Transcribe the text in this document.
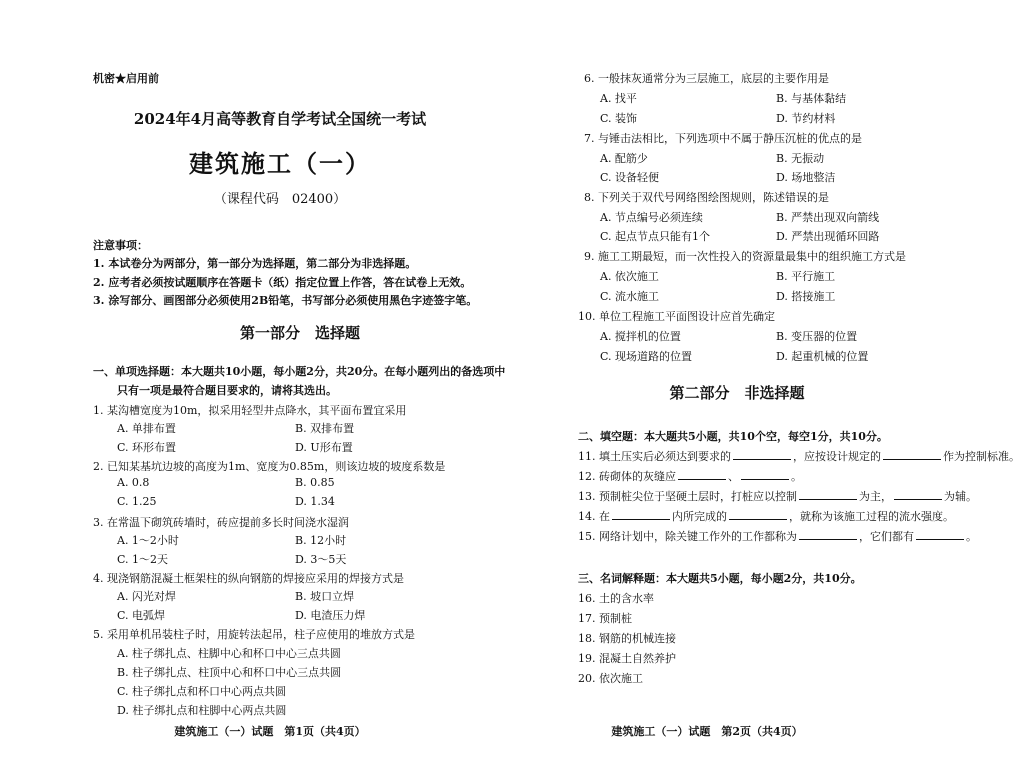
机密★启用前
2024年4月高等教育自学考试全国统一考试
建筑施工（一）
（课程代码　02400）
注意事项：
1. 本试卷分为两部分，第一部分为选择题，第二部分为非选择题。
2. 应考者必须按试题顺序在答题卡（纸）指定位置上作答，答在试卷上无效。
3. 涂写部分、画图部分必须使用2B铅笔，书写部分必须使用黑色字迹签字笔。
第一部分　选择题
一、单项选择题：本大题共10小题，每小题2分，共20分。在每小题列出的备选项中
只有一项是最符合题目要求的，请将其选出。
1. 某沟槽宽度为10m，拟采用轻型井点降水，其平面布置宜采用
A. 单排布置	B. 双排布置
C. 环形布置	D. U形布置
2. 已知某基坑边坡的高度为1m、宽度为0.85m，则该边坡的坡度系数是
A. 0.8	B. 0.85
C. 1.25	D. 1.34
3. 在常温下砌筑砖墙时，砖应提前多长时间浇水湿润
A. 1～2小时	B. 12小时
C. 1～2天	D. 3～5天
4. 现浇钢筋混凝土框架柱的纵向钢筋的焊接应采用的焊接方式是
A. 闪光对焊	B. 坡口立焊
C. 电弧焊	D. 电渣压力焊
5. 采用单机吊装柱子时，用旋转法起吊，柱子应使用的堆放方式是
A. 柱子绑扎点、柱脚中心和杯口中心三点共圆
B. 柱子绑扎点、柱顶中心和杯口中心三点共圆
C. 柱子绑扎点和杯口中心两点共圆
D. 柱子绑扎点和柱脚中心两点共圆
建筑施工（一）试题　第1页（共4页）
6. 一般抹灰通常分为三层施工，底层的主要作用是
A. 找平	B. 与基体黏结
C. 装饰	D. 节约材料
7. 与锤击法相比，下列选项中不属于静压沉桩的优点的是
A. 配筋少	B. 无振动
C. 设备轻便	D. 场地整洁
8. 下列关于双代号网络图绘图规则，陈述错误的是
A. 节点编号必须连续	B. 严禁出现双向箭线
C. 起点节点只能有1个	D. 严禁出现循环回路
9. 施工工期最短，而一次性投入的资源量最集中的组织施工方式是
A. 依次施工	B. 平行施工
C. 流水施工	D. 搭接施工
10. 单位工程施工平面图设计应首先确定
A. 搅拌机的位置	B. 变压器的位置
C. 现场道路的位置	D. 起重机械的位置
第二部分　非选择题
二、填空题：本大题共5小题，共10个空，每空1分，共10分。
11. 填土压实后必须达到要求的	，应按设计规定的	作为控制标准。
12. 砖砌体的灰缝应	、	。
13. 预制桩尖位于坚硬土层时，打桩应以控制	为主，	为辅。
14. 在	内所完成的	，就称为该施工过程的流水强度。
15. 网络计划中，除关键工作外的工作都称为	，它们都有	。
三、名词解释题：本大题共5小题，每小题2分，共10分。
16. 土的含水率
17. 预制桩
18. 钢筋的机械连接
19. 混凝土自然养护
20. 依次施工
建筑施工（一）试题　第2页（共4页）
